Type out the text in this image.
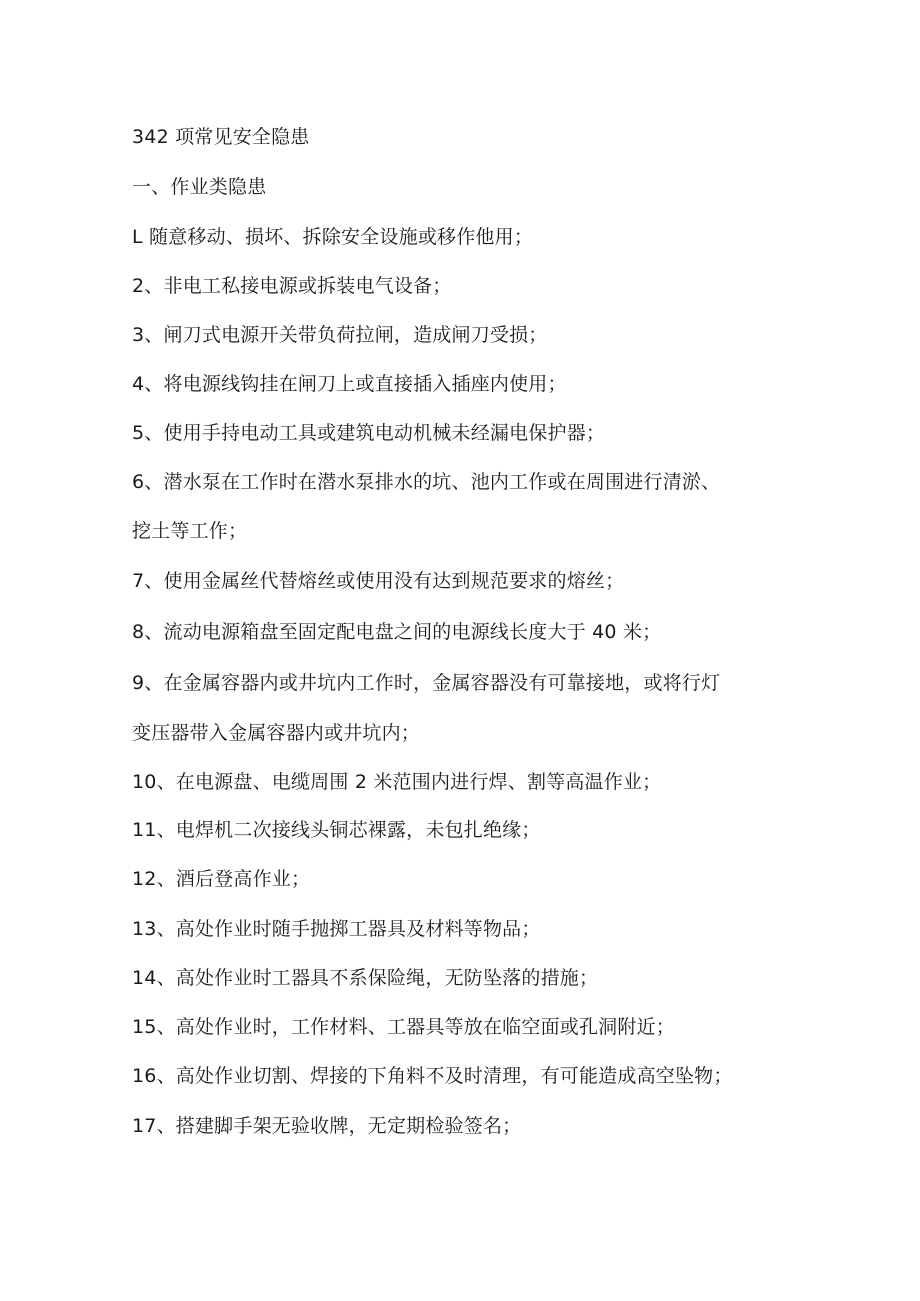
342 项常见安全隐患
一、作业类隐患
L 随意移动、损坏、拆除安全设施或移作他用；
2、非电工私接电源或拆装电气设备；
3、闸刀式电源开关带负荷拉闸，造成闸刀受损；
4、将电源线钩挂在闸刀上或直接插入插座内使用；
5、使用手持电动工具或建筑电动机械未经漏电保护器；
6、潜水泵在工作时在潜水泵排水的坑、池内工作或在周围进行清淤、
挖土等工作；
7、使用金属丝代替熔丝或使用没有达到规范要求的熔丝；
8、流动电源箱盘至固定配电盘之间的电源线长度大于 40 米；
9、在金属容器内或井坑内工作时，金属容器没有可靠接地，或将行灯
变压器带入金属容器内或井坑内；
10、在电源盘、电缆周围 2 米范围内进行焊、割等高温作业；
11、电焊机二次接线头铜芯裸露，未包扎绝缘；
12、酒后登高作业；
13、高处作业时随手抛掷工器具及材料等物品；
14、高处作业时工器具不系保险绳，无防坠落的措施；
15、高处作业时，工作材料、工器具等放在临空面或孔洞附近；
16、高处作业切割、焊接的下角料不及时清理，有可能造成高空坠物；
17、搭建脚手架无验收牌，无定期检验签名；
